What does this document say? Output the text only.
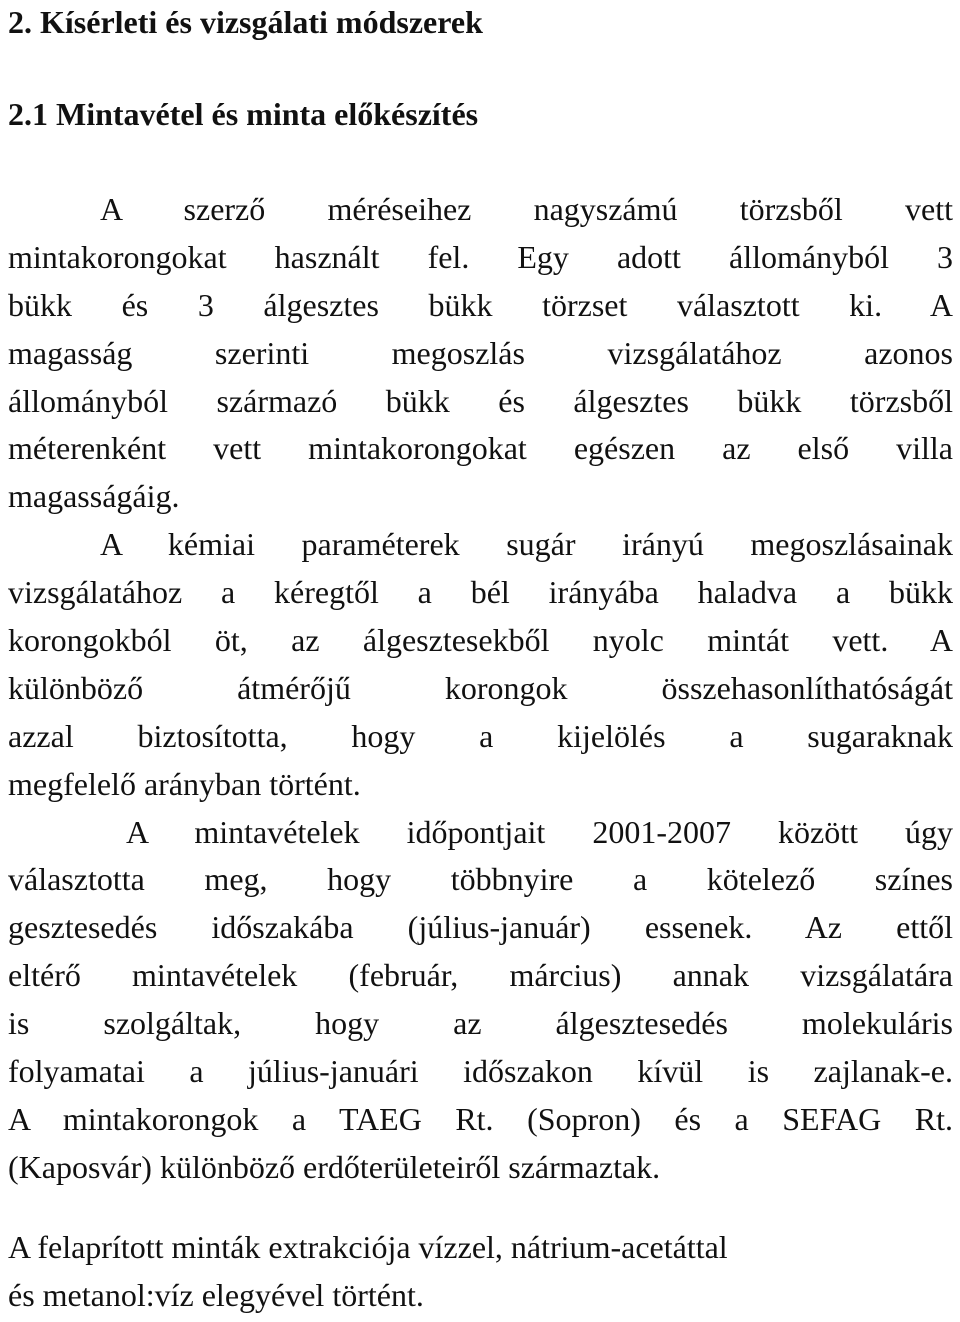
2. Kísérleti és vizsgálati módszerek
2.1 Mintavétel és minta előkészítés
A szerző méréseihez nagyszámú törzsből vett
mintakorongokat használt fel. Egy adott állományból 3
bükk és 3 álgesztes bükk törzset választott ki. A
magasság szerinti megoszlás vizsgálatához azonos
állományból származó bükk és álgesztes bükk törzsből
méterenként vett mintakorongokat egészen az első villa
magasságáig.
A kémiai paraméterek sugár irányú megoszlásainak
vizsgálatához a kéregtől a bél irányába haladva a bükk
korongokból öt, az álgesztesekből nyolc mintát vett. A
különböző átmérőjű korongok összehasonlíthatóságát
azzal biztosította, hogy a kijelölés a sugaraknak
megfelelő arányban történt.
A mintavételek időpontjait 2001-2007 között úgy
választotta meg, hogy többnyire a kötelező színes
gesztesedés időszakába (július-január) essenek. Az ettől
eltérő mintavételek (február, március) annak vizsgálatára
is szolgáltak, hogy az álgesztesedés molekuláris
folyamatai a július-januári időszakon kívül is zajlanak-e.
A mintakorongok a TAEG Rt. (Sopron) és a SEFAG Rt.
(Kaposvár) különböző erdőterületeiről származtak.
A felaprított minták extrakciója vízzel, nátrium-acetáttal
és metanol:víz elegyével történt.
